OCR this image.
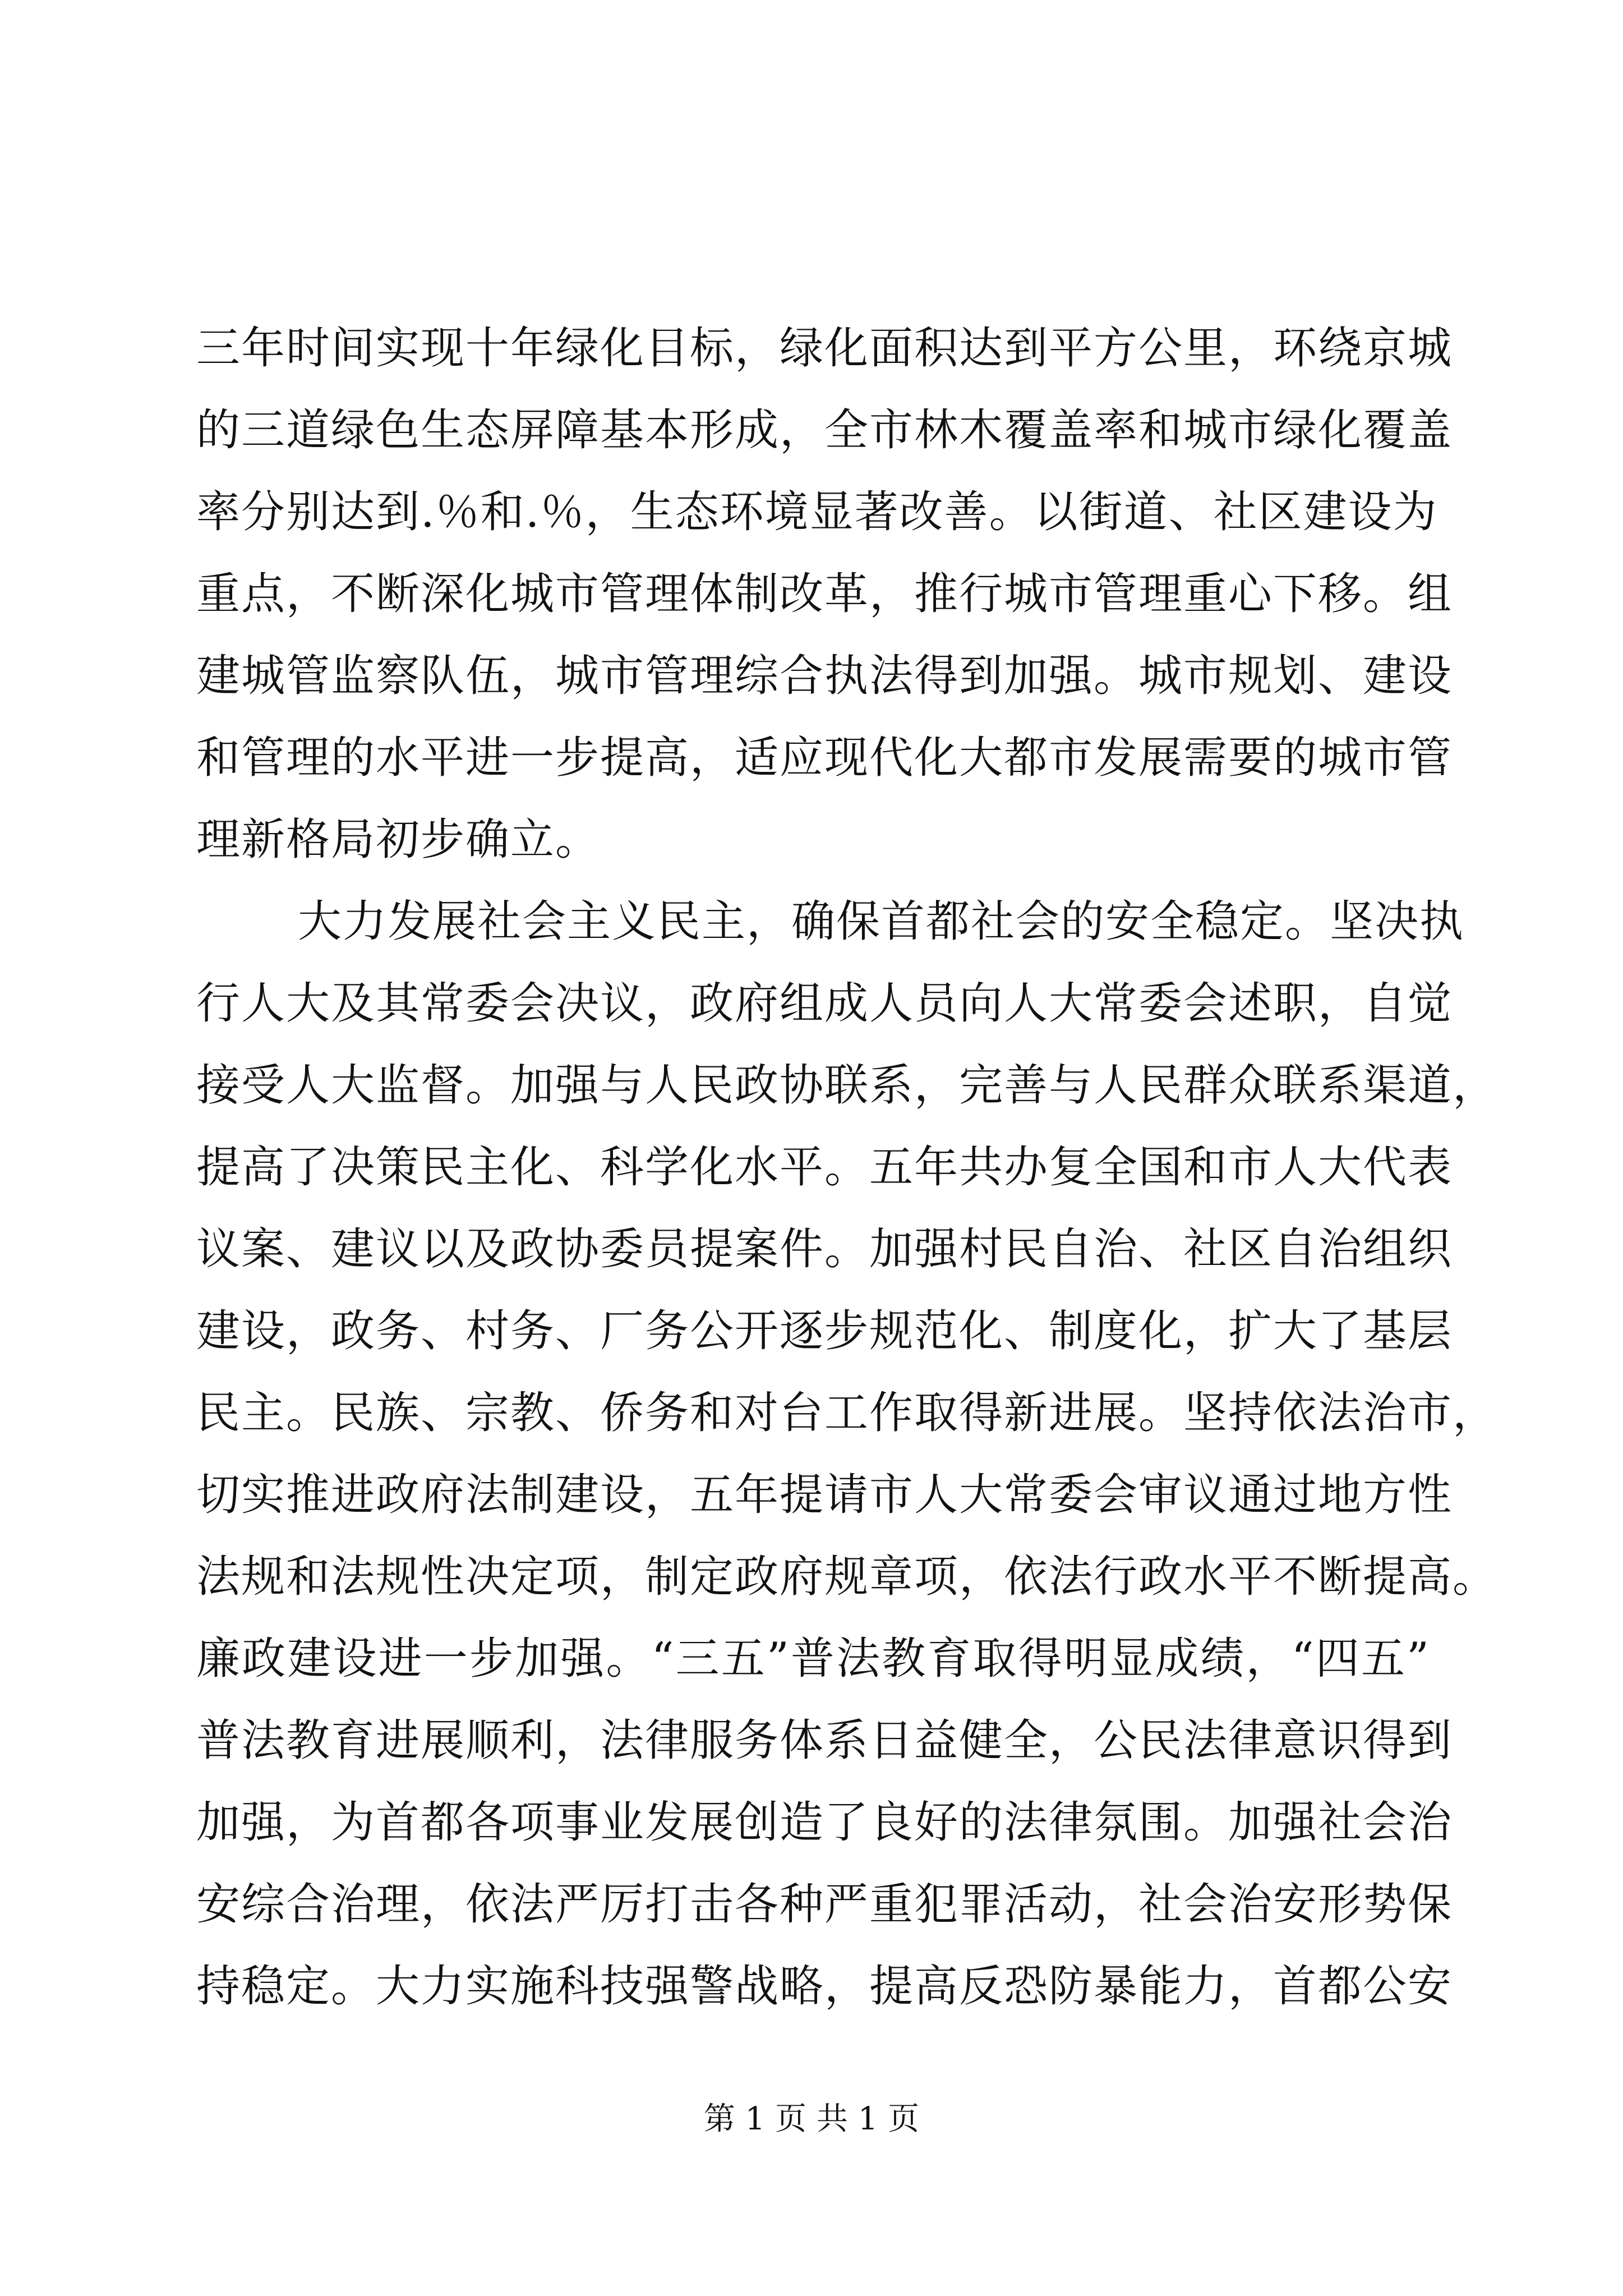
三年时间实现十年绿化目标，绿化面积达到平方公里，环绕京城
的三道绿色生态屏障基本形成，全市林木覆盖率和城市绿化覆盖
率分别达到.％和.％，生态环境显著改善。以街道、社区建设为
重点，不断深化城市管理体制改革，推行城市管理重心下移。组
建城管监察队伍，城市管理综合执法得到加强。城市规划、建设
和管理的水平进一步提高，适应现代化大都市发展需要的城市管
理新格局初步确立。
大力发展社会主义民主，确保首都社会的安全稳定。坚决执
行人大及其常委会决议，政府组成人员向人大常委会述职，自觉
接受人大监督。加强与人民政协联系，完善与人民群众联系渠道，
提高了决策民主化、科学化水平。五年共办复全国和市人大代表
议案、建议以及政协委员提案件。加强村民自治、社区自治组织
建设，政务、村务、厂务公开逐步规范化、制度化，扩大了基层
民主。民族、宗教、侨务和对台工作取得新进展。坚持依法治市，
切实推进政府法制建设，五年提请市人大常委会审议通过地方性
法规和法规性决定项，制定政府规章项，依法行政水平不断提高。
廉政建设进一步加强。“三五”普法教育取得明显成绩，“四五”
普法教育进展顺利，法律服务体系日益健全，公民法律意识得到
加强，为首都各项事业发展创造了良好的法律氛围。加强社会治
安综合治理，依法严厉打击各种严重犯罪活动，社会治安形势保
持稳定。大力实施科技强警战略，提高反恐防暴能力，首都公安
第 1 页 共 1 页
